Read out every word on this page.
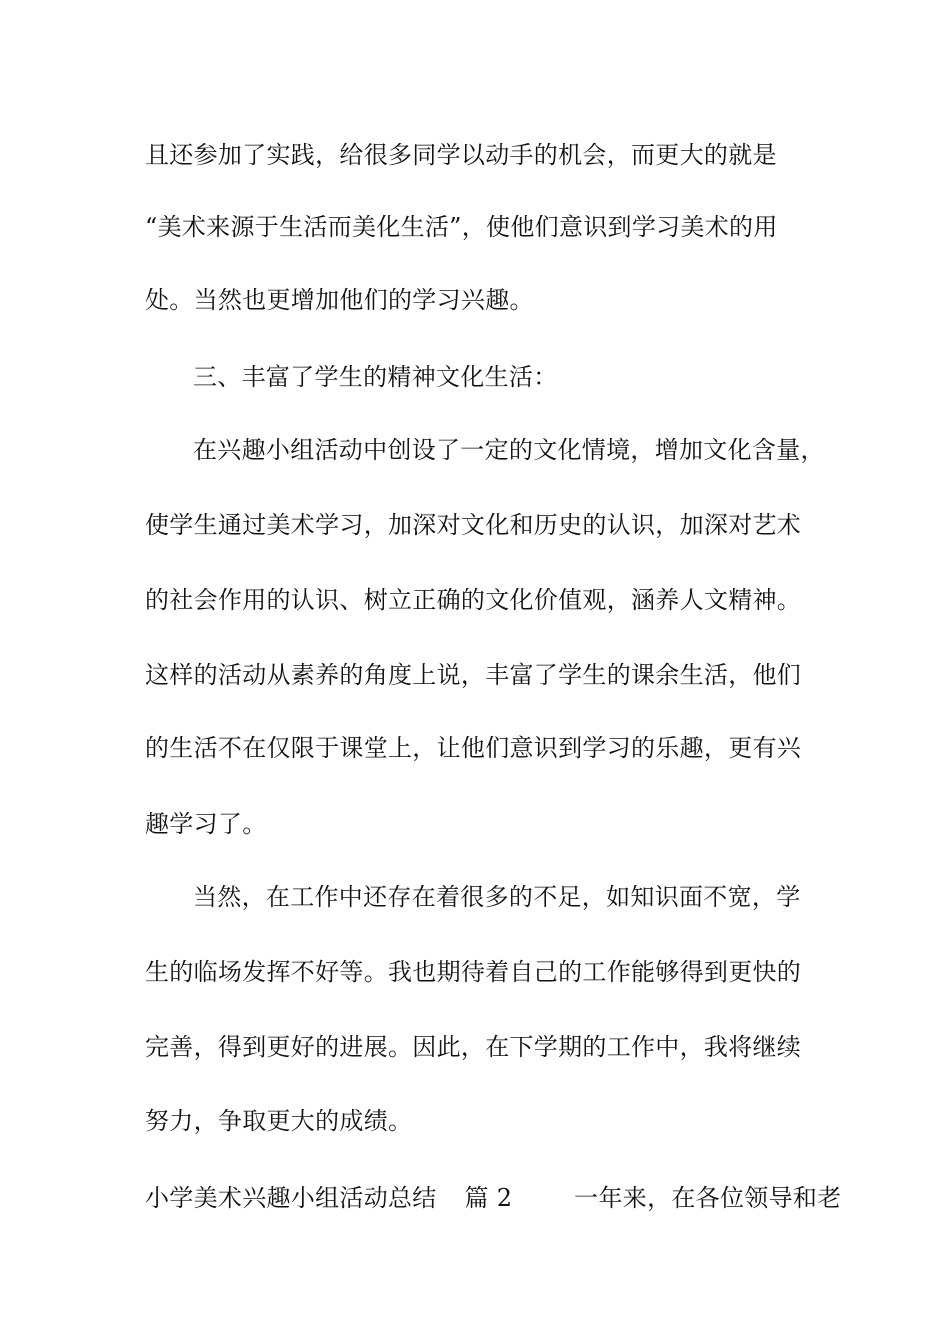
且还参加了实践，给很多同学以动手的机会，而更大的就是
“美术来源于生活而美化生活”，使他们意识到学习美术的用
处。当然也更增加他们的学习兴趣。
三、丰富了学生的精神文化生活：
在兴趣小组活动中创设了一定的文化情境，增加文化含量，
使学生通过美术学习，加深对文化和历史的认识，加深对艺术
的社会作用的认识、树立正确的文化价值观，涵养人文精神。
这样的活动从素养的角度上说，丰富了学生的课余生活，他们
的生活不在仅限于课堂上，让他们意识到学习的乐趣，更有兴
趣学习了。
当然，在工作中还存在着很多的不足，如知识面不宽，学
生的临场发挥不好等。我也期待着自己的工作能够得到更快的
完善，得到更好的进展。因此，在下学期的工作中，我将继续
努力，争取更大的成绩。
小学美术兴趣小组活动总结 篇 2	一年来，在各位领导和老
